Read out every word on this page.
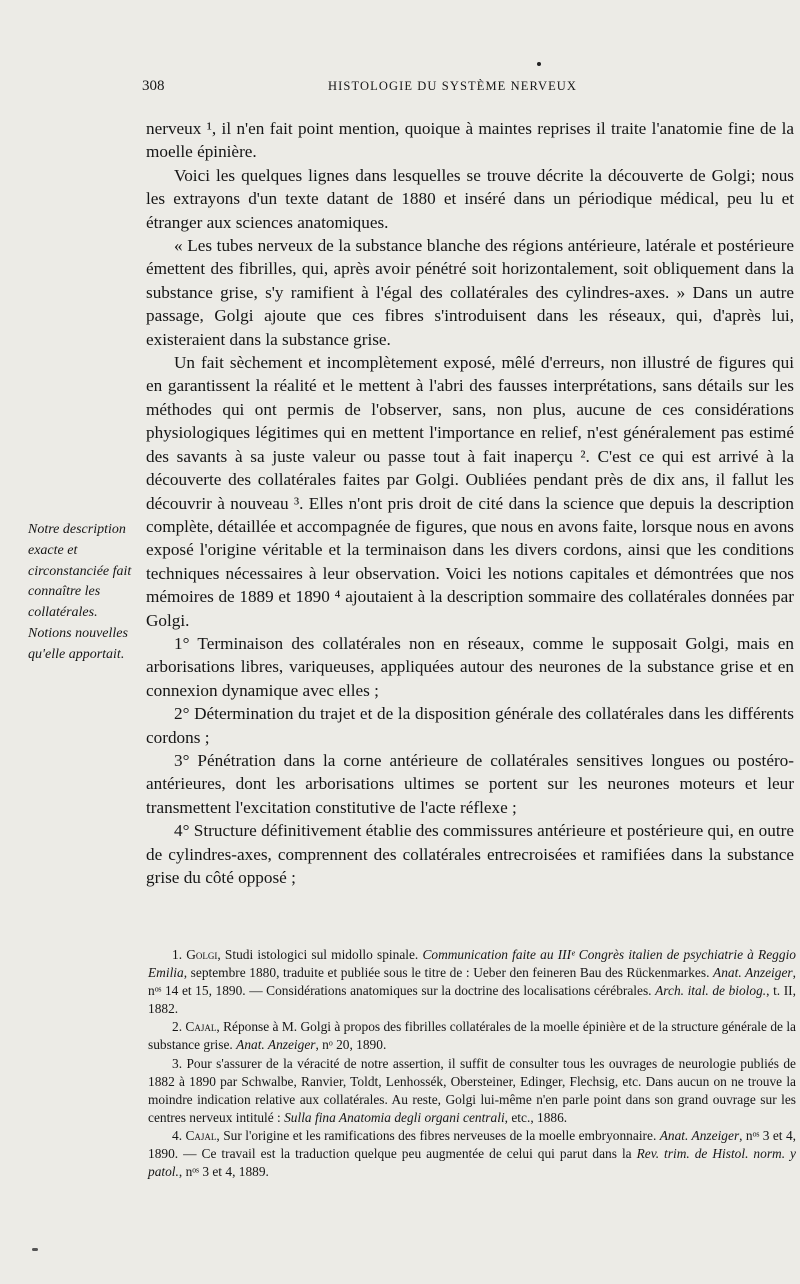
308	HISTOLOGIE DU SYSTÈME NERVEUX
Notre description exacte et circonstanciée fait connaître les collatérales. Notions nouvelles qu'elle apportait.

nerveux ¹, il n'en fait point mention, quoique à maintes reprises il traite l'anatomie fine de la moelle épinière.

Voici les quelques lignes dans lesquelles se trouve décrite la découverte de Golgi; nous les extrayons d'un texte datant de 1880 et inséré dans un périodique médical, peu lu et étranger aux sciences anatomiques.

« Les tubes nerveux de la substance blanche des régions antérieure, latérale et postérieure émettent des fibrilles, qui, après avoir pénétré soit horizontalement, soit obliquement dans la substance grise, s'y ramifient à l'égal des collatérales des cylindres-axes. » Dans un autre passage, Golgi ajoute que ces fibres s'introduisent dans les réseaux, qui, d'après lui, existeraient dans la substance grise.

Un fait sèchement et incomplètement exposé, mêlé d'erreurs, non illustré de figures qui en garantissent la réalité et le mettent à l'abri des fausses interprétations, sans détails sur les méthodes qui ont permis de l'observer, sans, non plus, aucune de ces considérations physiologiques légitimes qui en mettent l'importance en relief, n'est généralement pas estimé des savants à sa juste valeur ou passe tout à fait inaperçu ². C'est ce qui est arrivé à la découverte des collatérales faites par Golgi. Oubliées pendant près de dix ans, il fallut les découvrir à nouveau ³. Elles n'ont pris droit de cité dans la science que depuis la description complète, détaillée et accompagnée de figures, que nous en avons faite, lorsque nous en avons exposé l'origine véritable et la terminaison dans les divers cordons, ainsi que les conditions techniques nécessaires à leur observation. Voici les notions capitales et démontrées que nos mémoires de 1889 et 1890 ⁴ ajoutaient à la description sommaire des collatérales données par Golgi.

1° Terminaison des collatérales non en réseaux, comme le supposait Golgi, mais en arborisations libres, variqueuses, appliquées autour des neurones de la substance grise et en connexion dynamique avec elles ;

2° Détermination du trajet et de la disposition générale des collatérales dans les différents cordons ;

3° Pénétration dans la corne antérieure de collatérales sensitives longues ou postéro-antérieures, dont les arborisations ultimes se portent sur les neurones moteurs et leur transmettent l'excitation constitutive de l'acte réflexe ;

4° Structure définitivement établie des commissures antérieure et postérieure qui, en outre de cylindres-axes, comprennent des collatérales entrecroisées et ramifiées dans la substance grise du côté opposé ;

1. Golgi, Studi istologici sul midollo spinale. Communication faite au IIIᵉ Congrès italien de psychiatrie à Reggio Emilia, septembre 1880, traduite et publiée sous le titre de : Ueber den feineren Bau des Rückenmarkes. Anat. Anzeiger, nᵒˢ 14 et 15, 1890. — Considérations anatomiques sur la doctrine des localisations cérébrales. Arch. ital. de biolog., t. II, 1882.

2. Cajal, Réponse à M. Golgi à propos des fibrilles collatérales de la moelle épinière et de la structure générale de la substance grise. Anat. Anzeiger, nᵒ 20, 1890.

3. Pour s'assurer de la véracité de notre assertion, il suffit de consulter tous les ouvrages de neurologie publiés de 1882 à 1890 par Schwalbe, Ranvier, Toldt, Lenhossék, Obersteiner, Edinger, Flechsig, etc. Dans aucun on ne trouve la moindre indication relative aux collatérales. Au reste, Golgi lui-même n'en parle point dans son grand ouvrage sur les centres nerveux intitulé : Sulla fina Anatomia degli organi centrali, etc., 1886.

4. Cajal, Sur l'origine et les ramifications des fibres nerveuses de la moelle embryonnaire. Anat. Anzeiger, nᵒˢ 3 et 4, 1890. — Ce travail est la traduction quelque peu augmentée de celui qui parut dans la Rev. trim. de Histol. norm. y patol., nᵒˢ 3 et 4, 1889.
